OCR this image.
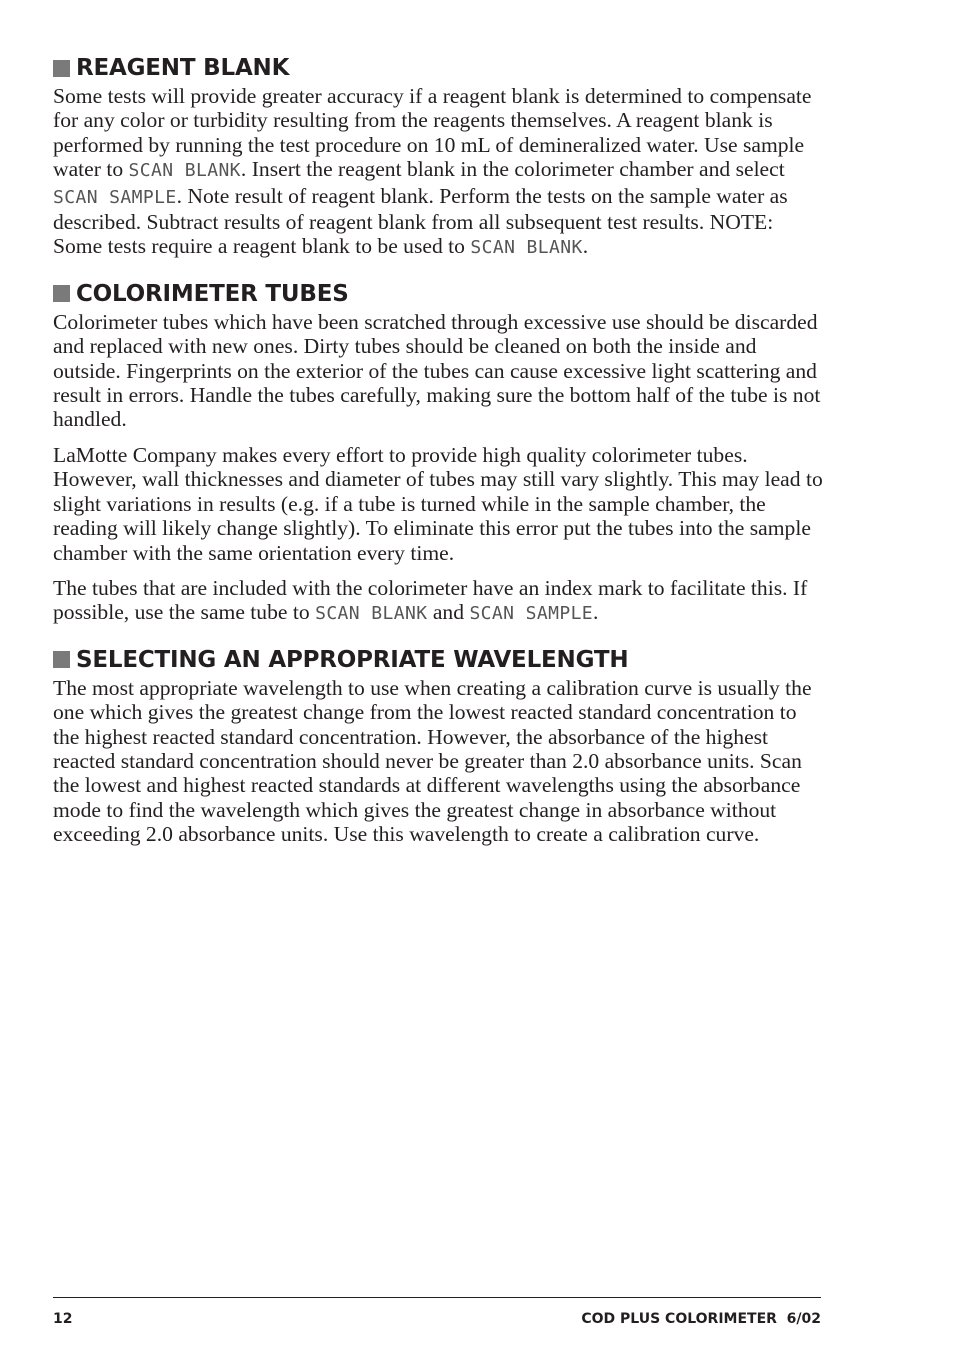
REAGENT BLANK

Some tests will provide greater accuracy if a reagent blank is determined to compensate for any color or turbidity resulting from the reagents themselves. A reagent blank is performed by running the test procedure on 10 mL of demineralized water. Use sample water to SCAN BLANK. Insert the reagent blank in the colorimeter chamber and select SCAN SAMPLE. Note result of reagent blank. Perform the tests on the sample water as described. Subtract results of reagent blank from all subsequent test results. NOTE: Some tests require a reagent blank to be used to SCAN BLANK.

COLORIMETER TUBES

Colorimeter tubes which have been scratched through excessive use should be discarded and replaced with new ones. Dirty tubes should be cleaned on both the inside and outside. Fingerprints on the exterior of the tubes can cause excessive light scattering and result in errors. Handle the tubes carefully, making sure the bottom half of the tube is not handled.

LaMotte Company makes every effort to provide high quality colorimeter tubes. However, wall thicknesses and diameter of tubes may still vary slightly. This may lead to slight variations in results (e.g. if a tube is turned while in the sample chamber, the reading will likely change slightly). To eliminate this error put the tubes into the sample chamber with the same orientation every time.

The tubes that are included with the colorimeter have an index mark to facilitate this. If possible, use the same tube to SCAN BLANK and SCAN SAMPLE.

SELECTING AN APPROPRIATE WAVELENGTH

The most appropriate wavelength to use when creating a calibration curve is usually the one which gives the greatest change from the lowest reacted standard concentration to the highest reacted standard concentration. However, the absorbance of the highest reacted standard concentration should never be greater than 2.0 absorbance units. Scan the lowest and highest reacted standards at different wavelengths using the absorbance mode to find the wavelength which gives the greatest change in absorbance without exceeding 2.0 absorbance units. Use this wavelength to create a calibration curve.

12	COD PLUS COLORIMETER  6/02
